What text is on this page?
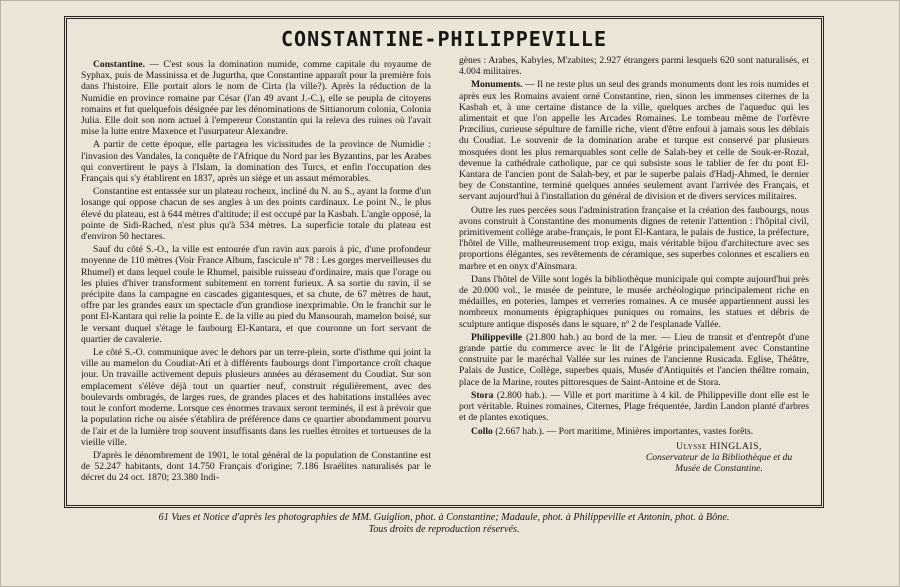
CONSTANTINE-PHILIPPEVILLE

Constantine. — C'est sous la domination numide, comme capitale du royaume de Syphax, puis de Massinissa et de Jugurtha, que Constantine apparaît pour la première fois dans l'histoire. Elle portait alors le nom de Cirta (la ville?). Après la réduction de la Numidie en province romaine par César (l'an 49 avant J.-C.), elle se peupla de citoyens romains et fut quelquefois désignée par les dénominations de Sittianorum colonia, Colonia Julia. Elle doit son nom actuel à l'empereur Constantin qui la releva des ruines où l'avait mise la lutte entre Maxence et l'usurpateur Alexandre.

A partir de cette époque, elle partagea les vicissitudes de la province de Numidie : l'invasion des Vandales, la conquête de l'Afrique du Nord par les Byzantins, par les Arabes qui convertirent le pays à l'Islam, la domination des Turcs, et enfin l'occupation des Français qui s'y établirent en 1837, après un siège et un assaut mémorables.

Constantine est entassée sur un plateau rocheux, incliné du N. au S., ayant la forme d'un losange qui oppose chacun de ses angles à un des points cardinaux. Le point N., le plus élevé du plateau, est à 644 mètres d'altitude; il est occupé par la Kasbah. L'angle opposé, la pointe de Sidi-Rached, n'est plus qu'à 534 mètres. La superficie totale du plateau est d'environ 50 hectares.

Sauf du côté S.-O., la ville est entourée d'un ravin aux parois à pic, d'une profondeur moyenne de 110 mètres (Voir France Album, fascicule nº 78 : Les gorges merveilleuses du Rhumel) et dans lequel coule le Rhumel, paisible ruisseau d'ordinaire, mais que l'orage ou les pluies d'hiver transforment subitement en torrent furieux. A sa sortie du ravin, il se précipite dans la campagne en cascades gigantesques, et sa chute, de 67 mètres de haut, offre par les grandes eaux un spectacle d'un grandiose inexprimable. On le franchit sur le pont El-Kantara qui relie la pointe E. de la ville au pied du Mansourah, mamelon boisé, sur le versant duquel s'étage le faubourg El-Kantara, et que couronne un fort servant de quartier de cavalerie.

Le côté S.-O. communique avec le dehors par un terre-plein, sorte d'isthme qui joint la ville au mamelon du Coudiat-Ati et à différents faubourgs dont l'importance croît chaque jour. Un travaille activement depuis plusieurs années au dérasement du Coudiat. Sur son emplacement s'élève déjà tout un quartier neuf, construit régulièrement, avec des boulevards ombragés, de larges rues, de grandes places et des habitations installées avec tout le confort moderne. Lorsque ces énormes travaux seront terminés, il est à prévoir que la population riche ou aisée s'établira de préférence dans ce quartier abondamment pourvu de l'air et de la lumière trop souvent insuffisants dans les ruelles étroites et tortueuses de la vieille ville.

D'après le dénombrement de 1901, le total général de la population de Constantine est de 52.247 habitants, dont 14.750 Français d'origine; 7.186 Israélites naturalisés par le décret du 24 oct. 1870; 23.380 Indi-

gènes : Arabes, Kabyles, M'zabites; 2.927 étrangers parmi lesquels 620 sont naturalisés, et 4.004 militaires.

Monuments. — Il ne reste plus un seul des grands monuments dont les rois numides et après eux les Romains avaient orné Constantine, rien, sinon les immenses citernes de la Kasbah et, à une certaine distance de la ville, quelques arches de l'aqueduc qui les alimentait et que l'on appelle les Arcades Romaines. Le tombeau même de l'orfèvre Præcilius, curieuse sépulture de famille riche, vient d'être enfoui à jamais sous les déblais du Coudiat. Le souvenir de la domination arabe et turque est conservé par plusieurs mosquées dont les plus remarquables sont celle de Salah-bey et celle de Souk-er-Rozal, devenue la cathédrale catholique, par ce qui subsiste sous le tablier de fer du pont El-Kantara de l'ancien pont de Salah-bey, et par le superbe palais d'Hadj-Ahmed, le dernier bey de Constantine, terminé quelques années seulement avant l'arrivée des Français, et servant aujourd'hui à l'installation du général de division et de divers services militaires.

Outre les rues percées sous l'administration française et la création des faubourgs, nous avons construit à Constantine des monuments dignes de retenir l'attention : l'hôpital civil, primitivement collège arabe-français, le pont El-Kantara, le palais de Justice, la préfecture, l'hôtel de Ville, malheureusement trop exigu, mais véritable bijou d'architecture avec ses proportions élégantes, ses revêtements de céramique, ses superbes colonnes et escaliers en marbre et en onyx d'Aïnsmara.

Dans l'hôtel de Ville sont logés la bibliothèque municipale qui compte aujourd'hui près de 20.000 vol., le musée de peinture, le musée archéologique principalement riche en médailles, en poteries, lampes et verreries romaines. A ce musée appartiennent aussi les nombreux monuments épigraphiques puniques ou romains, les statues et débris de sculpture antique disposés dans le square, nº 2 de l'esplanade Vallée.

Philippeville (21.800 hab.) au bord de la mer. — Lieu de transit et d'entrepôt d'une grande partie du commerce avec le lit de l'Algérie principalement avec Constantine construite par le maréchal Vallée sur les ruines de l'ancienne Rusicada. Eglise, Théâtre, Palais de Justice, Collège, superbes quais, Musée d'Antiquités et l'ancien théâtre romain, place de la Marine, routes pittoresques de Saint-Antoine et de Stora.

Stora (2.800 hab.). — Ville et port maritime à 4 kil. de Philippeville dont elle est le port véritable. Ruines romaines, Citernes, Plage fréquentée, Jardin Landon planté d'arbres et de plantes exotiques.

Collo (2.667 hab.). — Port maritime, Minières importantes, vastes forêts.

Ulysse HINGLAIS,
Conservateur de la Bibliothèque et du
Musée de Constantine.
61 Vues et Notice d'après les photographies de MM. Guiglion, phot. à Constantine; Madaule, phot. à Philippeville et Antonin, phot. à Bône.
Tous droits de reproduction réservés.
